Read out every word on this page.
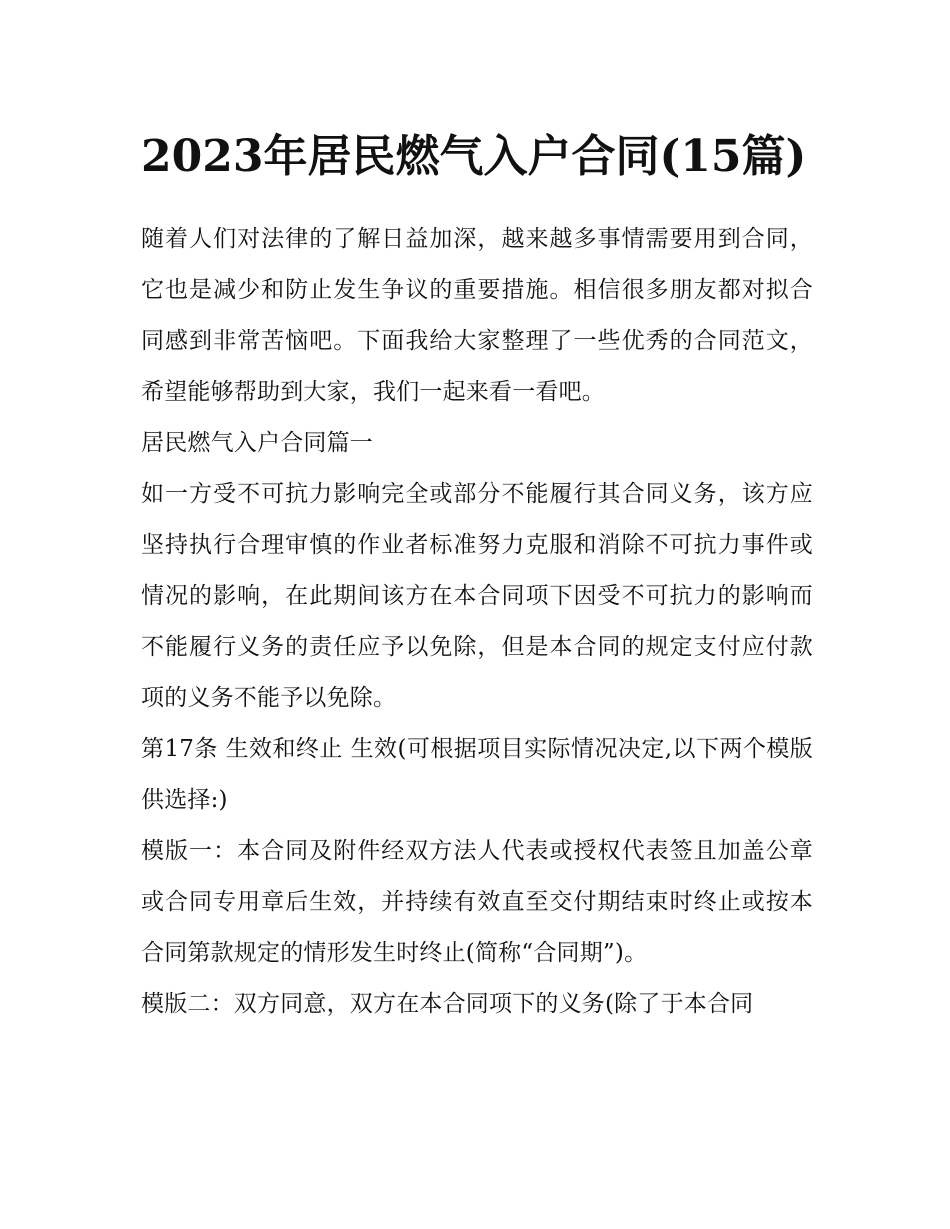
2023年居民燃气入户合同(15篇)

随着人们对法律的了解日益加深，越来越多事情需要用到合同，它也是减少和防止发生争议的重要措施。相信很多朋友都对拟合同感到非常苦恼吧。下面我给大家整理了一些优秀的合同范文，希望能够帮助到大家，我们一起来看一看吧。

居民燃气入户合同篇一

如一方受不可抗力影响完全或部分不能履行其合同义务，该方应坚持执行合理审慎的作业者标准努力克服和消除不可抗力事件或情况的影响，在此期间该方在本合同项下因受不可抗力的影响而不能履行义务的责任应予以免除，但是本合同的规定支付应付款项的义务不能予以免除。

第17条 生效和终止 生效(可根据项目实际情况决定,以下两个模版供选择:)

模版一：本合同及附件经双方法人代表或授权代表签且加盖公章或合同专用章后生效，并持续有效直至交付期结束时终止或按本合同第款规定的情形发生时终止(简称“合同期”)。

模版二：双方同意，双方在本合同项下的义务(除了于本合同
